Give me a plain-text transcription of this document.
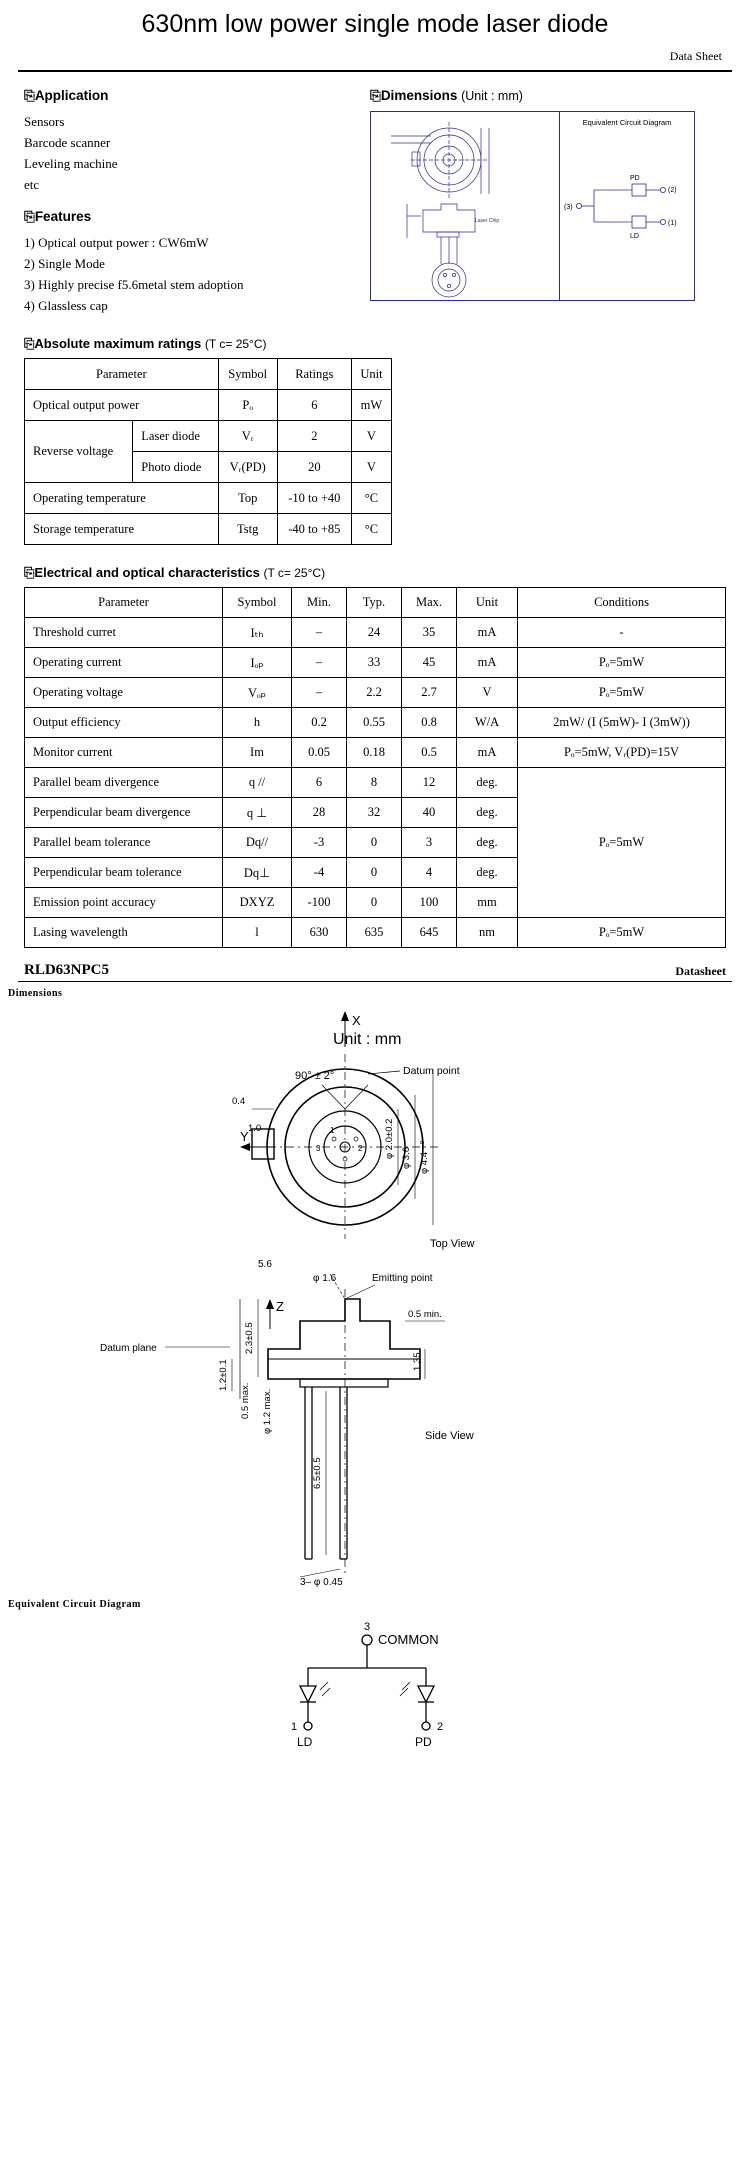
630nm low power single mode laser diode
Data Sheet
⎘Application
Sensors
Barcode scanner
Leveling machine
etc
⎘Features
1) Optical output power : CW6mW
2) Single Mode
3) Highly precise f5.6metal stem adoption
4) Glassless cap
⎘Dimensions (Unit : mm)
Laser Chip
Equivalent Circuit Diagram
PD
LD
(2)
(1)
(3)
⎘Absolute maximum ratings (T c= 25°C)
Parameter		Symbol	Ratings	Unit
Optical output power		Pₒ	6	mW
Reverse voltage	Laser diode	Vᵣ	2	V
	Photo diode	Vᵣ(PD)	20	V
Operating temperature		Top	-10 to +40	°C
Storage temperature		Tstg	-40 to +85	°C
⎘Electrical and optical characteristics (T c= 25°C)
Parameter	Symbol	Min.	Typ.	Max.	Unit	Conditions
Threshold curret	Iₜₕ	–	24	35	mA	-
Operating current	Iₒₚ	–	33	45	mA	Pₒ=5mW
Operating voltage	Vₒₚ	–	2.2	2.7	V	Pₒ=5mW
Output efficiency	h	0.2	0.55	0.8	W/A	2mW/ (I (5mW)- I (3mW))
Monitor current	Im	0.05	0.18	0.5	mA	Pₒ=5mW, Vᵣ(PD)=15V
Parallel beam divergence	q //	6	8	12	deg.	Pₒ=5mW
Perpendicular beam divergence	q ⊥	28	32	40	deg.	
Parallel beam tolerance	Dq//	-3	0	3	deg.	
Perpendicular beam tolerance	Dq⊥	-4	0	4	deg.	
Emission point accuracy	DXYZ	-100	0	100	mm	
Lasing wavelength	l	630	635	645	nm	Pₒ=5mW
RLD63NPC5	Datasheet
Dimensions
Unit : mm
X
Y
90° ± 2°	Datum point
1
3	2
0.4
1.0	φ 2.0±0.2 φ 3.6 φ 4.4 ⁻⁰
Top View
5.6
φ 1.6	Emitting point
Z
Datum plane	2.3±0.5
1.2±0.1
0.5 max. φ 1.2 max.
6.5±0.5
0.5 min.
1.35
Side View
3– φ 0.45
Equivalent Circuit Diagram
3
COMMON
1	2
LD	PD
